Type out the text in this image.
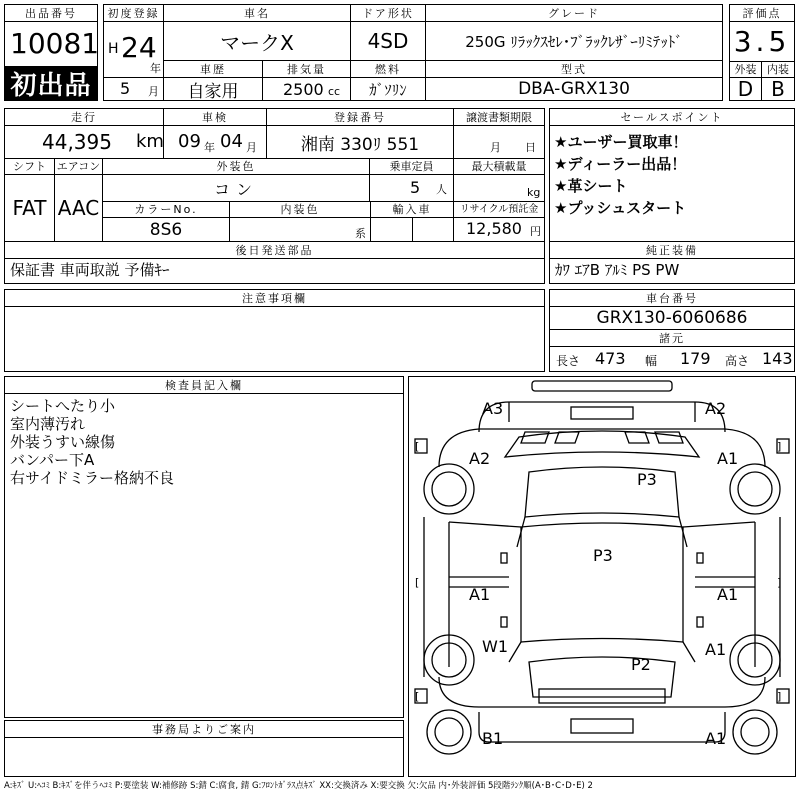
出品番号
10081
初出品
初度登録
H 24
年
5 月
車名
マークX
ドア形状
4SD
グレード
250G ﾘﾗｯｸｽｾﾚ･ﾌﾞﾗｯｸﾚｻﾞｰﾘﾐﾃｯﾄﾞ
評価点
3.5
外装 内装
D B
車歴
自家用
排気量
2500 cc
燃料
ｶﾞｿﾘﾝ
型式
DBA-GRX130
走行
44,395 km
車検
09 年 04 月
登録番号
湘南 330ﾘ 551
譲渡書類期限
月 日
シフト
FAT
エアコン
AAC
外装色
コン
乗車定員
5 人
最大積載量
kg
カラーNo.
8S6
内装色
系
輸入車	リサイクル預託金
12,580 円
セールスポイント
★ユーザー買取車！
★ディーラー出品！
★革シート
★プッシュスタート
後日発送部品
保証書 車両取説 予備ｷｰ
純正装備
ｶﾜ ｴｱB ｱﾙﾐ PS PW
注意事項欄	車台番号
GRX130-6060686
諸元
長さ 473 幅 179 高さ 143
検査員記入欄
シートへたり小
室内薄汚れ
外装うすい線傷
バンパー下A
右サイドミラー格納不良
事務局よりご案内
A3	A2
A2	A1
P3
P3
A1	A1
W1	A1
P2
B1	A1
[	]
[	]
[	]
A:ｷｽﾞ U:ﾍｺﾐ B:ｷｽﾞを伴うﾍｺﾐ P:要塗装 W:補修跡 S:錆 C:腐食, 錆 G:ﾌﾛﾝﾄｶﾞﾗｽ点ｷｽﾞ XX:交換済み X:要交換 欠:欠品 内･外装評価 5段階ﾗﾝｸ順(A･B･C･D･E) 2
